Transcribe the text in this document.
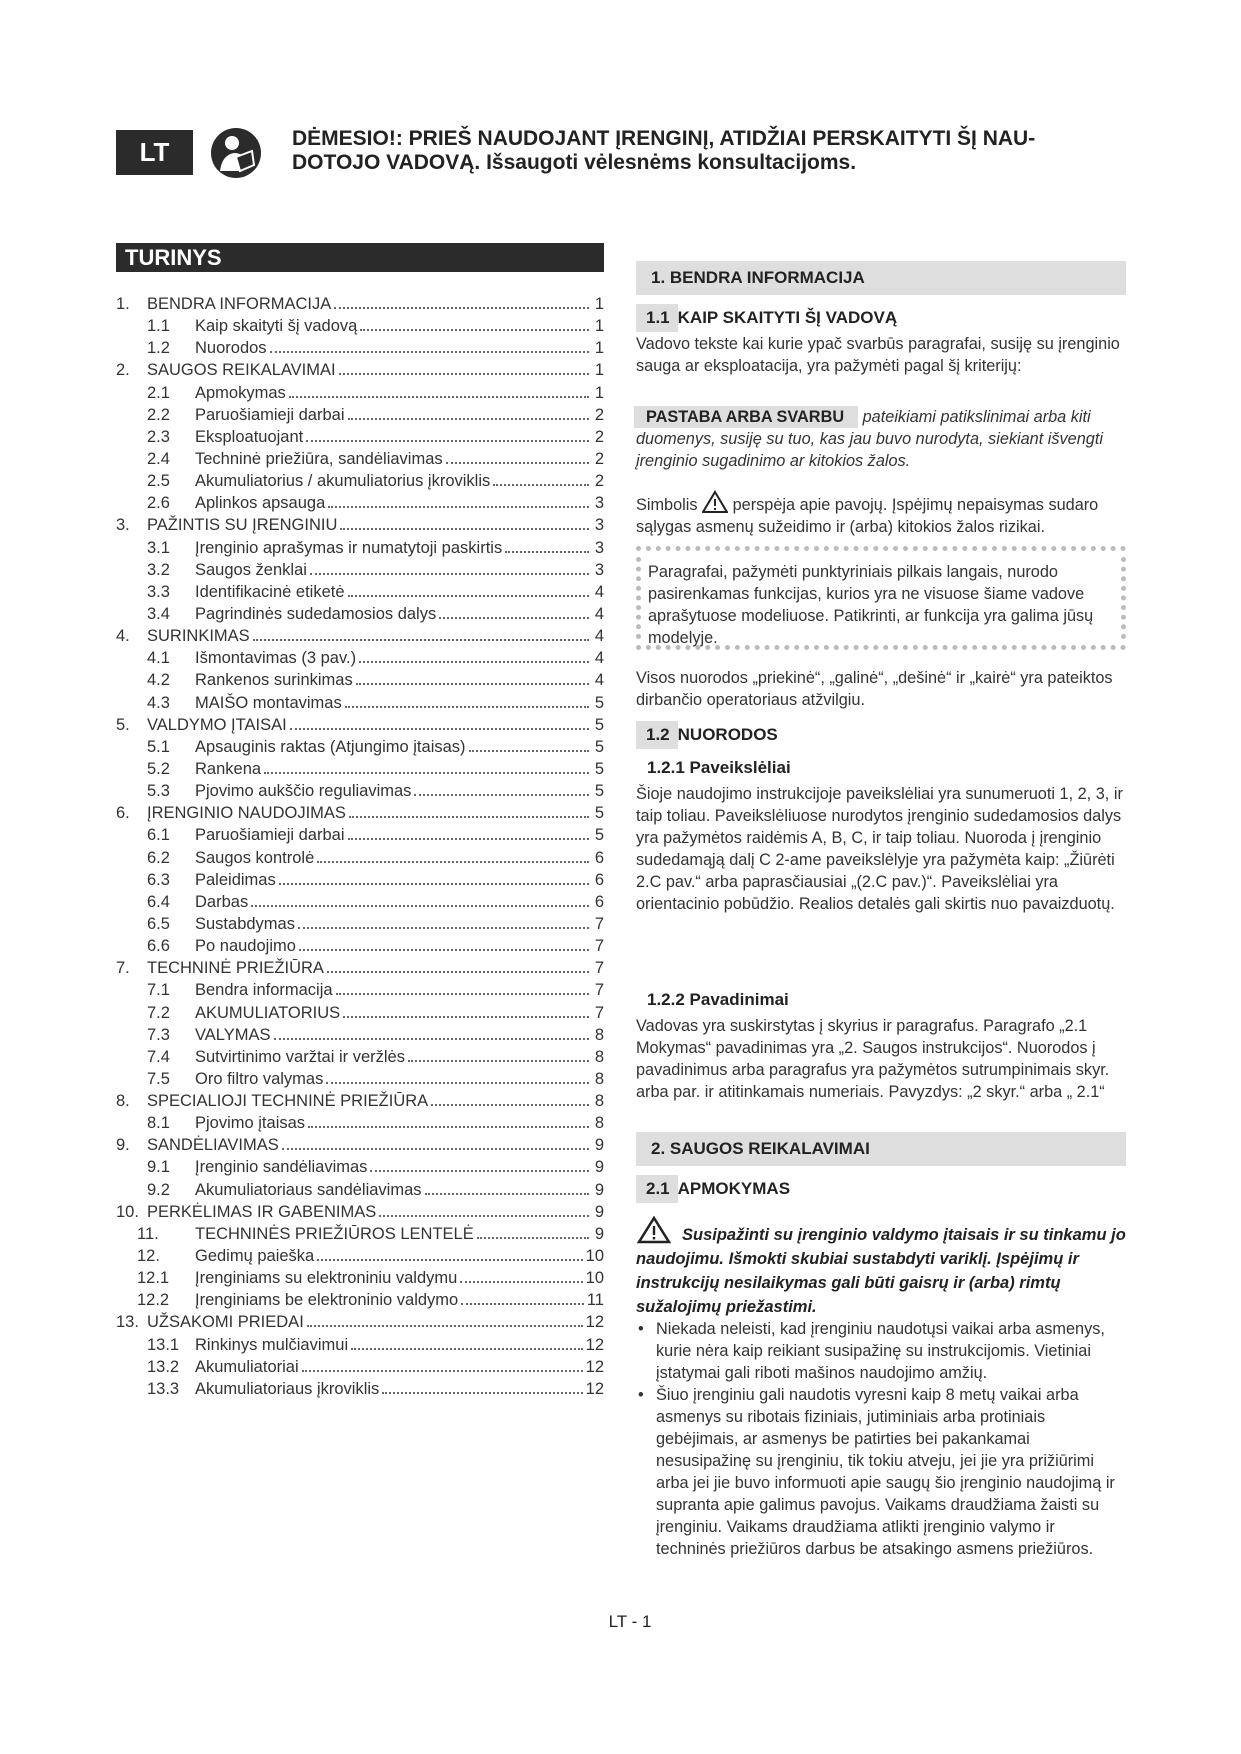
LT	DĖMESIO!: PRIEŠ NAUDOJANT ĮRENGINĮ, ATIDŽIAI PERSKAITYTI ŠĮ NAU-
DOTOJO VADOVĄ. Išsaugoti vėlesnėms konsultacijoms.
TURINYS
1.	BENDRA INFORMACIJA	1
1.1	Kaip skaityti šį vadovą	1
1.2	Nuorodos	1
2.	SAUGOS REIKALAVIMAI	1
2.1	Apmokymas	1
2.2	Paruošiamieji darbai	2
2.3	Eksploatuojant	2
2.4	Techninė priežiūra, sandėliavimas	2
2.5	Akumuliatorius / akumuliatorius įkroviklis	2
2.6	Aplinkos apsauga	3
3.	PAŽINTIS SU ĮRENGINIU	3
3.1	Įrenginio aprašymas ir numatytoji paskirtis	3
3.2	Saugos ženklai	3
3.3	Identifikacinė etiketė	4
3.4	Pagrindinės sudedamosios dalys	4
4.	SURINKIMAS	4
4.1	Išmontavimas (3 pav.)	4
4.2	Rankenos surinkimas	4
4.3	MAIŠO montavimas	5
5.	VALDYMO ĮTAISAI	5
5.1	Apsauginis raktas (Atjungimo įtaisas)	5
5.2	Rankena	5
5.3	Pjovimo aukščio reguliavimas	5
6.	ĮRENGINIO NAUDOJIMAS	5
6.1	Paruošiamieji darbai	5
6.2	Saugos kontrolė	6
6.3	Paleidimas	6
6.4	Darbas	6
6.5	Sustabdymas	7
6.6	Po naudojimo	7
7.	TECHNINĖ PRIEŽIŪRA	7
7.1	Bendra informacija	7
7.2	AKUMULIATORIUS	7
7.3	VALYMAS	8
7.4	Sutvirtinimo varžtai ir veržlės	8
7.5	Oro filtro valymas	8
8.	SPECIALIOJI TECHNINĖ PRIEŽIŪRA	8
8.1	Pjovimo įtaisas	8
9.	SANDĖLIAVIMAS	9
9.1	Įrenginio sandėliavimas	9
9.2	Akumuliatoriaus sandėliavimas	9
10. PERKĖLIMAS IR GABENIMAS	9
11.	TECHNINĖS PRIEŽIŪROS LENTELĖ	9
12.	Gedimų paieška	10
12.1	Įrenginiams su elektroniniu valdymu	10
12.2	Įrenginiams be elektroninio valdymo	11
13. UŽSAKOMI PRIEDAI	12
13.1 Rinkinys mulčiavimui	12
13.2 Akumuliatoriai	12
13.3 Akumuliatoriaus įkroviklis	12
1. BENDRA INFORMACIJA
1.1 KAIP SKAITYTI ŠĮ VADOVĄ
Vadovo tekste kai kurie ypač svarbūs paragrafai, susiję su įrenginio sauga ar eksploatacija, yra pažymėti pagal šį kriterijų:
PASTABA ARBA SVARBU pateikiami patikslinimai arba kiti duomenys, susiję su tuo, kas jau buvo nurodyta, siekiant išvengti įrenginio sugadinimo ar kitokios žalos.
Simbolis perspėja apie pavojų. Įspėjimų nepaisymas sudaro sąlygas asmenų sužeidimo ir (arba) kitokios žalos rizikai.
Paragrafai, pažymėti punktyriniais pilkais langais, nurodo pasirenkamas funkcijas, kurios yra ne visuose šiame vadove aprašytuose modeliuose. Patikrinti, ar funkcija yra galima jūsų modelyje.
Visos nuorodos „priekinė“, „galinė“, „dešinė“ ir „kairė“ yra pateiktos dirbančio operatoriaus atžvilgiu.
1.2 NUORODOS
1.2.1 Paveikslėliai
Šioje naudojimo instrukcijoje paveikslėliai yra sunumeruoti 1, 2, 3, ir taip toliau. Paveikslėliuose nurodytos įrenginio sudedamosios dalys yra pažymėtos raidėmis A, B, C, ir taip toliau. Nuoroda į įrenginio sudedamąją dalį C 2-ame paveikslėlyje yra pažymėta kaip: „Žiūrėti 2.C pav.“ arba paprasčiausiai „(2.C pav.)“. Paveikslėliai yra orientacinio pobūdžio. Realios detalės gali skirtis nuo pavaizduotų.
1.2.2 Pavadinimai
Vadovas yra suskirstytas į skyrius ir paragrafus. Paragrafo „2.1 Mokymas“ pavadinimas yra „2. Saugos instrukcijos“. Nuorodos į pavadinimus arba paragrafus yra pažymėtos sutrumpinimais skyr. arba par. ir atitinkamais numeriais. Pavyzdys: „2 skyr.“ arba „ 2.1“
2. SAUGOS REIKALAVIMAI
2.1 APMOKYMAS
Susipažinti su įrenginio valdymo įtaisais ir su tinkamu jo naudojimu. Išmokti skubiai sustabdyti variklį. Įspėjimų ir instrukcijų nesilaikymas gali būti gaisrų ir (arba) rimtų sužalojimų priežastimi.
• Niekada neleisti, kad įrenginiu naudotųsi vaikai arba asmenys, kurie nėra kaip reikiant susipažinę su instrukcijomis. Vietiniai įstatymai gali riboti mašinos naudojimo amžių.
• Šiuo įrenginiu gali naudotis vyresni kaip 8 metų vaikai arba asmenys su ribotais fiziniais, jutiminiais arba protiniais gebėjimais, ar asmenys be patirties bei pakankamai nesusipažinę su įrenginiu, tik tokiu atveju, jei jie yra prižiūrimi arba jei jie buvo informuoti apie saugų šio įrenginio naudojimą ir supranta apie galimus pavojus. Vaikams draudžiama žaisti su įrenginiu. Vaikams draudžiama atlikti įrenginio valymo ir techninės priežiūros darbus be atsakingo asmens priežiūros.
LT - 1
